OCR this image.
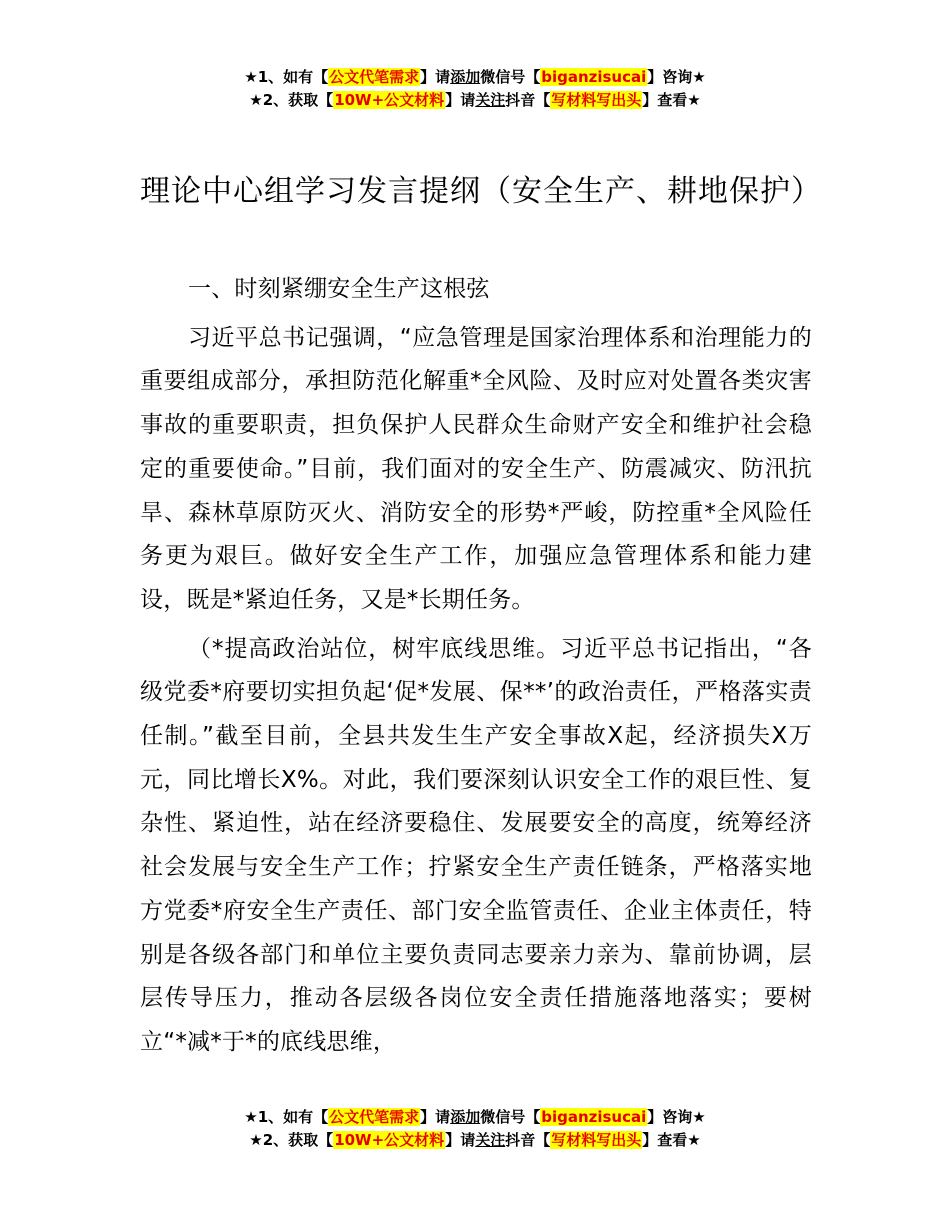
★1、如有【公文代笔需求】请添加微信号【biganzisucai】咨询★
★2、获取【10W+公文材料】请关注抖音【写材料写出头】查看★
理论中心组学习发言提纲（安全生产、耕地保护）

一、时刻紧绷安全生产这根弦

习近平总书记强调，“应急管理是国家治理体系和治理能力的重要组成部分，承担防范化解重*全风险、及时应对处置各类灾害事故的重要职责，担负保护人民群众生命财产安全和维护社会稳定的重要使命。”目前，我们面对的安全生产、防震减灾、防汛抗旱、森林草原防灭火、消防安全的形势*严峻，防控重*全风险任务更为艰巨。做好安全生产工作，加强应急管理体系和能力建设，既是*紧迫任务，又是*长期任务。

（*提高政治站位，树牢底线思维。习近平总书记指出，“各级党委*府要切实担负起‘促*发展、保**’的政治责任，严格落实责任制。”截至目前，全县共发生生产安全事故X起，经济损失X万元，同比增长X%。对此，我们要深刻认识安全工作的艰巨性、复杂性、紧迫性，站在经济要稳住、发展要安全的高度，统筹经济社会发展与安全生产工作；拧紧安全生产责任链条，严格落实地方党委*府安全生产责任、部门安全监管责任、企业主体责任，特别是各级各部门和单位主要负责同志要亲力亲为、靠前协调，层层传导压力，推动各层级各岗位安全责任措施落地落实；要树立“*减*于*的底线思维，

★1、如有【公文代笔需求】请添加微信号【biganzisucai】咨询★
★2、获取【10W+公文材料】请关注抖音【写材料写出头】查看★
